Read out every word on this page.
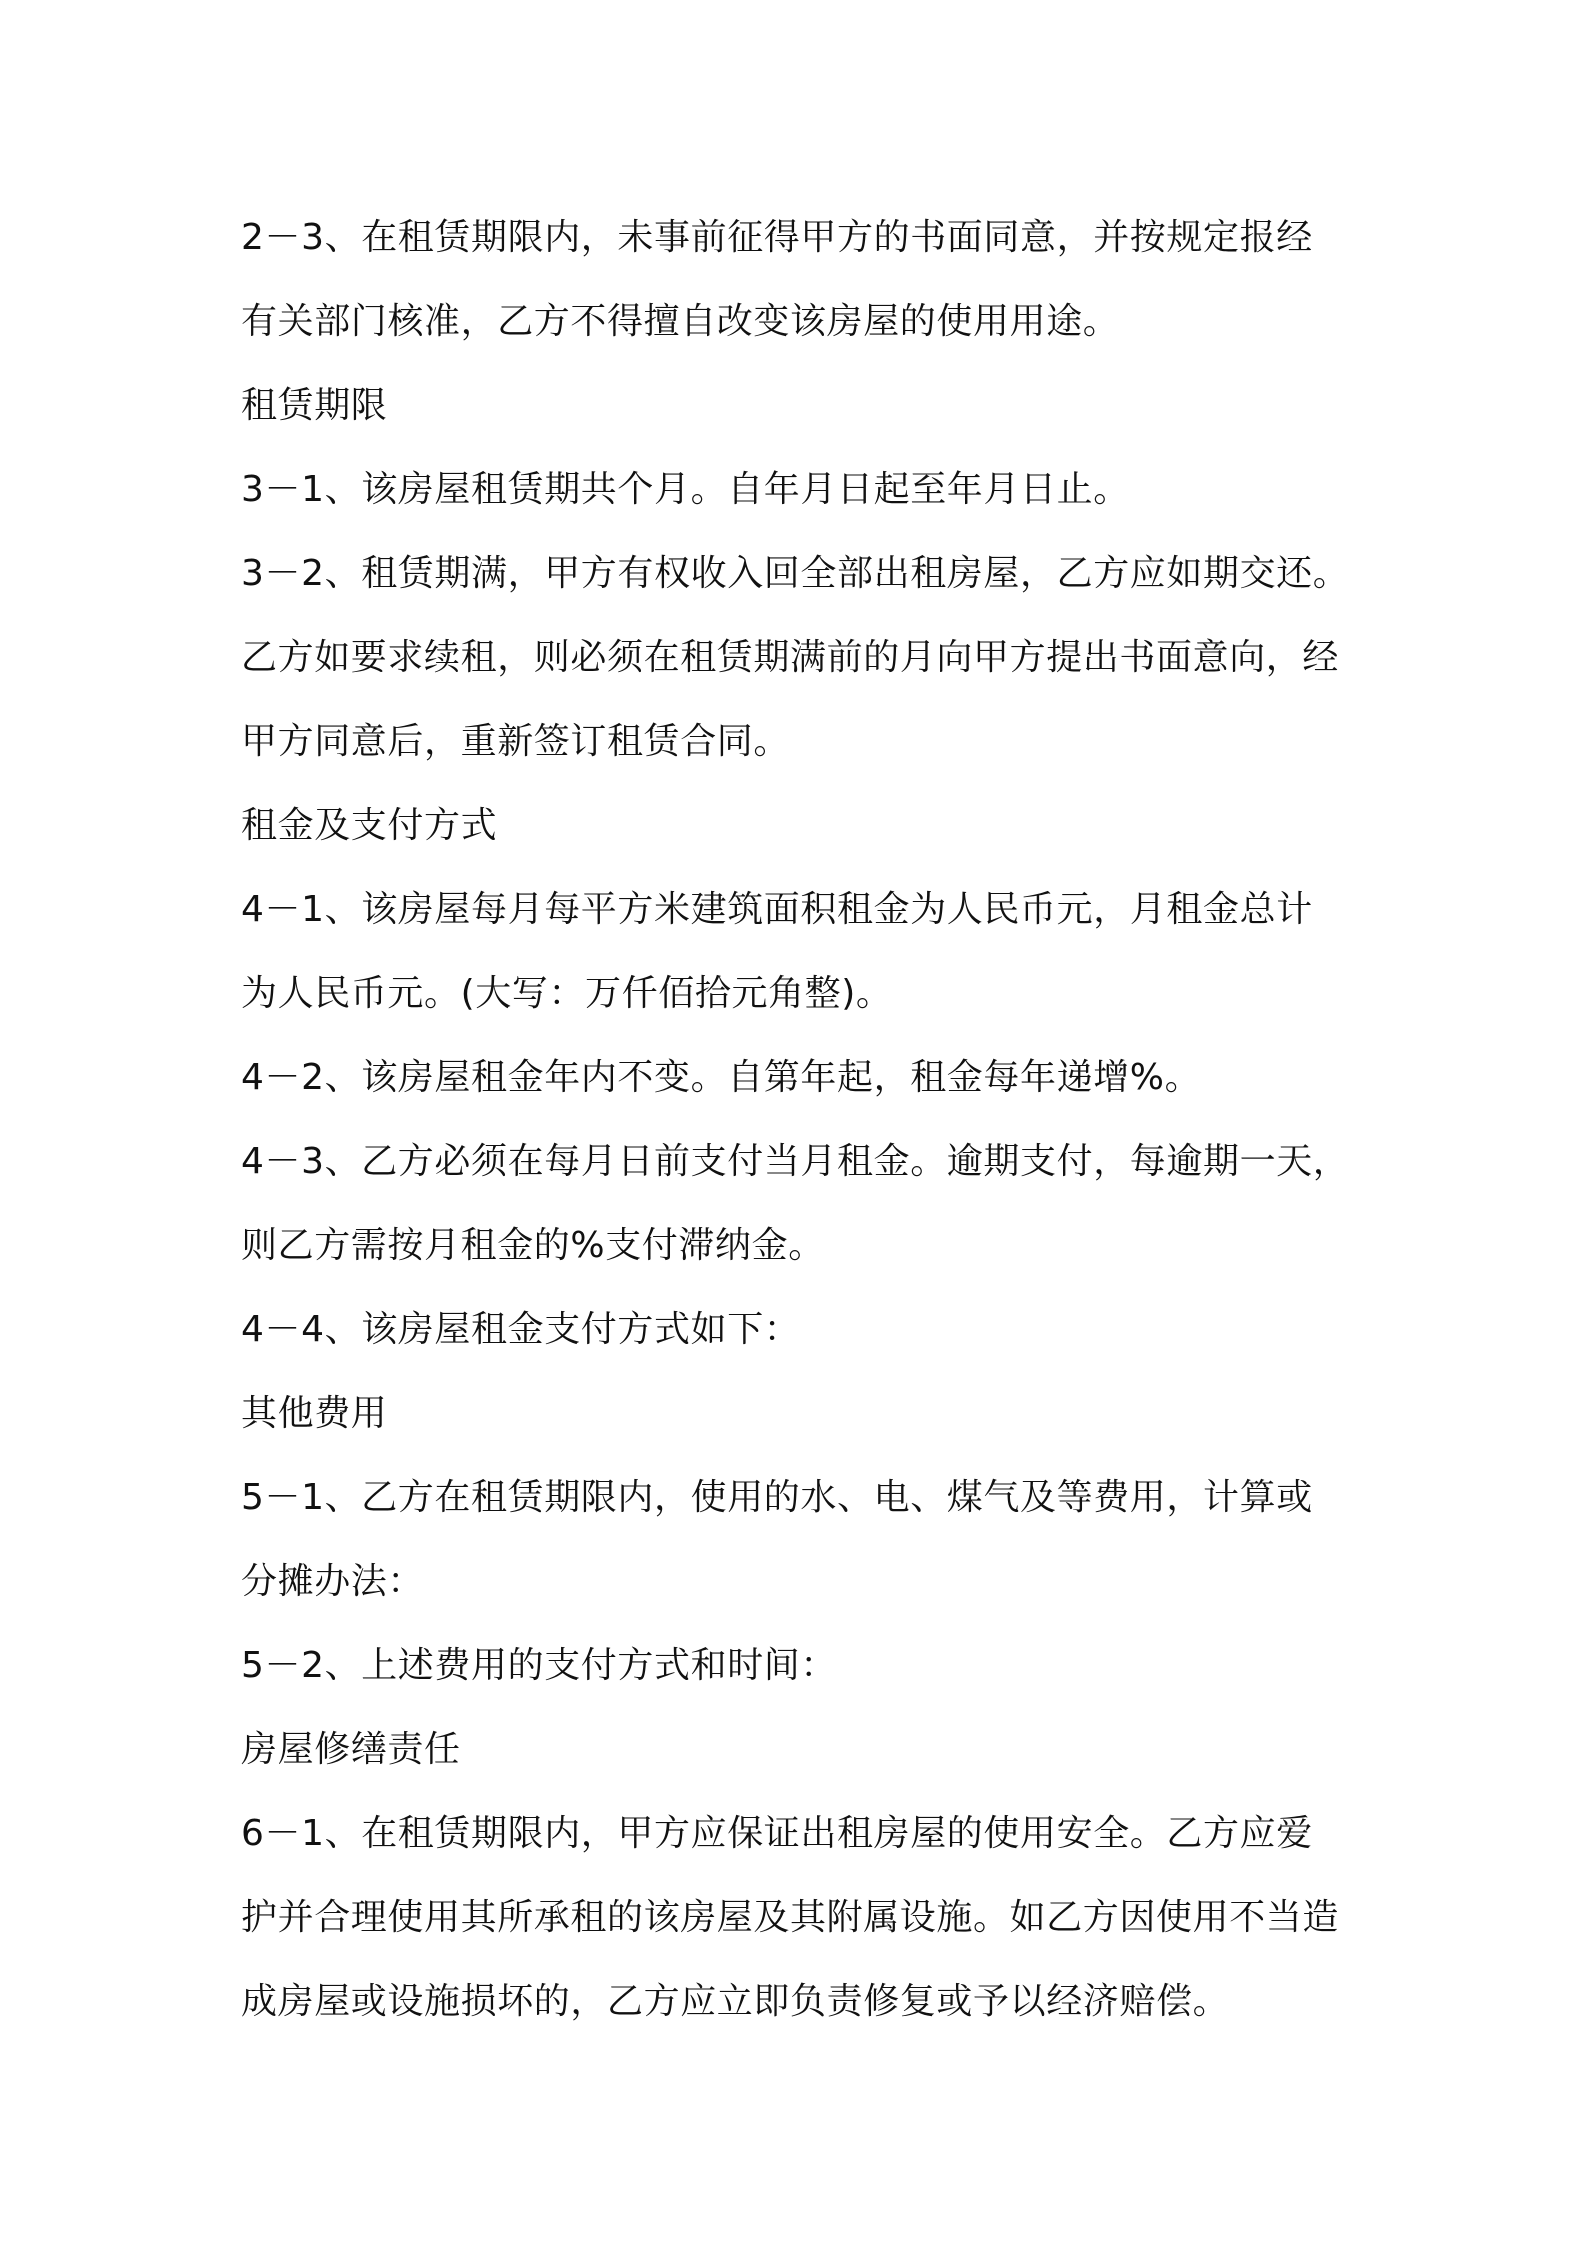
2－3、在租赁期限内，未事前征得甲方的书面同意，并按规定报经

有关部门核准，乙方不得擅自改变该房屋的使用用途。

租赁期限

3－1、该房屋租赁期共个月。自年月日起至年月日止。

3－2、租赁期满，甲方有权收入回全部出租房屋，乙方应如期交还。

乙方如要求续租，则必须在租赁期满前的月向甲方提出书面意向，经

甲方同意后，重新签订租赁合同。

租金及支付方式

4－1、该房屋每月每平方米建筑面积租金为人民币元，月租金总计

为人民币元。(大写：万仟佰拾元角整)。

4－2、该房屋租金年内不变。自第年起，租金每年递增%。

4－3、乙方必须在每月日前支付当月租金。逾期支付，每逾期一天，

则乙方需按月租金的%支付滞纳金。

4－4、该房屋租金支付方式如下：

其他费用

5－1、乙方在租赁期限内，使用的水、电、煤气及等费用，计算或

分摊办法：

5－2、上述费用的支付方式和时间：

房屋修缮责任

6－1、在租赁期限内，甲方应保证出租房屋的使用安全。乙方应爱

护并合理使用其所承租的该房屋及其附属设施。如乙方因使用不当造

成房屋或设施损坏的，乙方应立即负责修复或予以经济赔偿。
